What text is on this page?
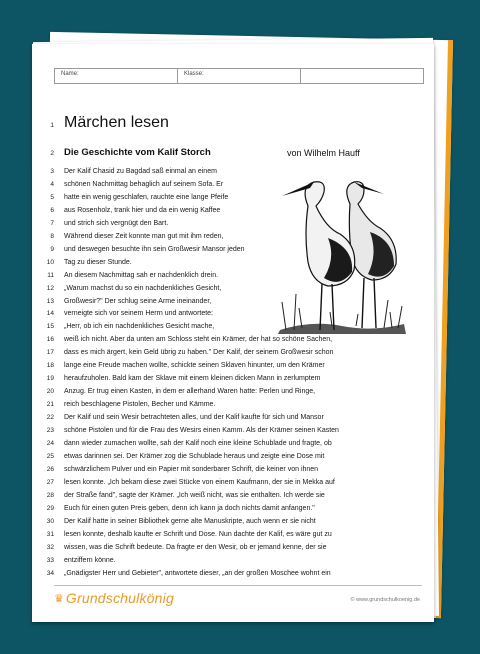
Name:	Klasse:
1 Märchen lesen
2 Die Geschichte vom Kalif Storch	von Wilhelm Hauff
3 Der Kalif Chasid zu Bagdad saß einmal an einem
4 schönen Nachmittag behaglich auf seinem Sofa. Er
5 hatte ein wenig geschlafen, rauchte eine lange Pfeife
6 aus Rosenholz, trank hier und da ein wenig Kaffee
7 und strich sich vergnügt den Bart.
8 Während dieser Zeit konnte man gut mit ihm reden,
9 und deswegen besuchte ihn sein Großwesir Mansor jeden
10 Tag zu dieser Stunde.
11 An diesem Nachmittag sah er nachdenklich drein.
12 „Warum machst du so ein nachdenkliches Gesicht,
13 Großwesir?" Der schlug seine Arme ineinander,
14 verneigte sich vor seinem Herrn und antwortete:
15 „Herr, ob ich ein nachdenkliches Gesicht mache,
16 weiß ich nicht. Aber da unten am Schloss steht ein Krämer, der hat so schöne Sachen,
17 dass es mich ärgert, kein Geld übrig zu haben." Der Kalif, der seinem Großwesir schon
18 lange eine Freude machen wollte, schickte seinen Sklaven hinunter, um den Krämer
19 heraufzuholen. Bald kam der Sklave mit einem kleinen dicken Mann in zerlumptem
20 Anzug. Er trug einen Kasten, in dem er allerhand Waren hatte: Perlen und Ringe,
21 reich beschlagene Pistolen, Becher und Kämme.
22 Der Kalif und sein Wesir betrachteten alles, und der Kalif kaufte für sich und Mansor
23 schöne Pistolen und für die Frau des Wesirs einen Kamm. Als der Krämer seinen Kasten
24 dann wieder zumachen wollte, sah der Kalif noch eine kleine Schublade und fragte, ob
25 etwas darinnen sei. Der Krämer zog die Schublade heraus und zeigte eine Dose mit
26 schwärzlichem Pulver und ein Papier mit sonderbarer Schrift, die keiner von ihnen
27 lesen konnte. „Ich bekam diese zwei Stücke von einem Kaufmann, der sie in Mekka auf
28 der Straße fand", sagte der Krämer. „Ich weiß nicht, was sie enthalten. Ich werde sie
29 Euch für einen guten Preis geben, denn ich kann ja doch nichts damit anfangen."
30 Der Kalif hatte in seiner Bibliothek gerne alte Manuskripte, auch wenn er sie nicht
31 lesen konnte, deshalb kaufte er Schrift und Dose. Nun dachte der Kalif, es wäre gut zu
32 wissen, was die Schrift bedeute. Da fragte er den Wesir, ob er jemand kenne, der sie
33 entziffern könne.
34 „Gnädigster Herr und Gebieter", antwortete dieser, „an der großen Moschee wohnt ein
♛ Grundschulkönig	© www.grundschulkoenig.de
